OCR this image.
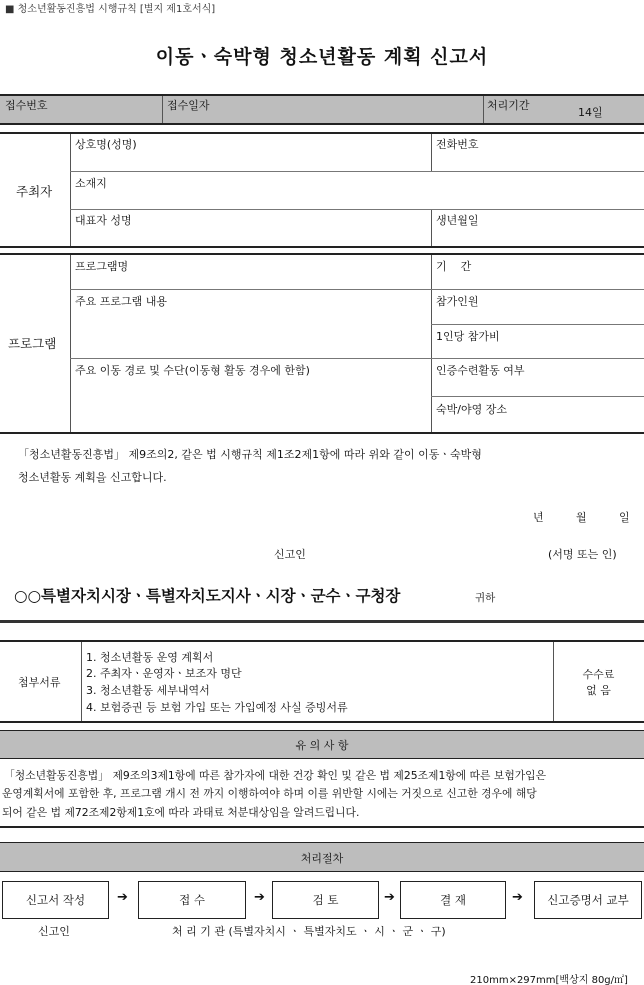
■ 청소년활동진흥법 시행규칙 [별지 제1호서식]
이동ㆍ숙박형 청소년활동 계획 신고서
접수번호	접수일자	처리기간
14일
주최자
상호명(성명)	전화번호
소재지
대표자 성명	생년월일
프로그램
프로그램명	기    간
주요 프로그램 내용	참가인원
1인당 참가비
주요 이동 경로 및 수단(이동형 활동 경우에 한함)	인증수련활동 여부
숙박/야영 장소
「청소년활동진흥법」 제9조의2, 같은 법 시행규칙 제1조2제1항에 따라 위와 같이 이동ㆍ숙박형
청소년활동 계획을 신고합니다.
년	월	일
신고인	(서명 또는 인)
○○특별자치시장ㆍ특별자치도지사ㆍ시장ㆍ군수ㆍ구청장	귀하
첨부서류
1. 청소년활동 운영 계획서
2. 주최자ㆍ운영자ㆍ보조자 명단
3. 청소년활동 세부내역서
4. 보험증권 등 보험 가입 또는 가입예정 사실 증빙서류
수수료
없 음
유 의 사 항
「청소년활동진흥법」 제9조의3제1항에 따른 참가자에 대한 건강 확인 및 같은 법 제25조제1항에 따른 보험가입은
운영계획서에 포함한 후, 프로그램 개시 전 까지 이행하여야 하며 이를 위반할 시에는 거짓으로 신고한 경우에 해당
되어 같은 법 제72조제2항제1호에 따라 과태료 처분대상임을 알려드립니다.
처리절차
신고서 작성 ➔	접 수	➔	검 토	➔	결 재	➔ 신고증명서 교부
신고인	처 리 기 관 (특별자치시 ㆍ 특별자치도 ㆍ 시 ㆍ 군 ㆍ 구)
210mm×297mm[백상지 80g/㎡]
